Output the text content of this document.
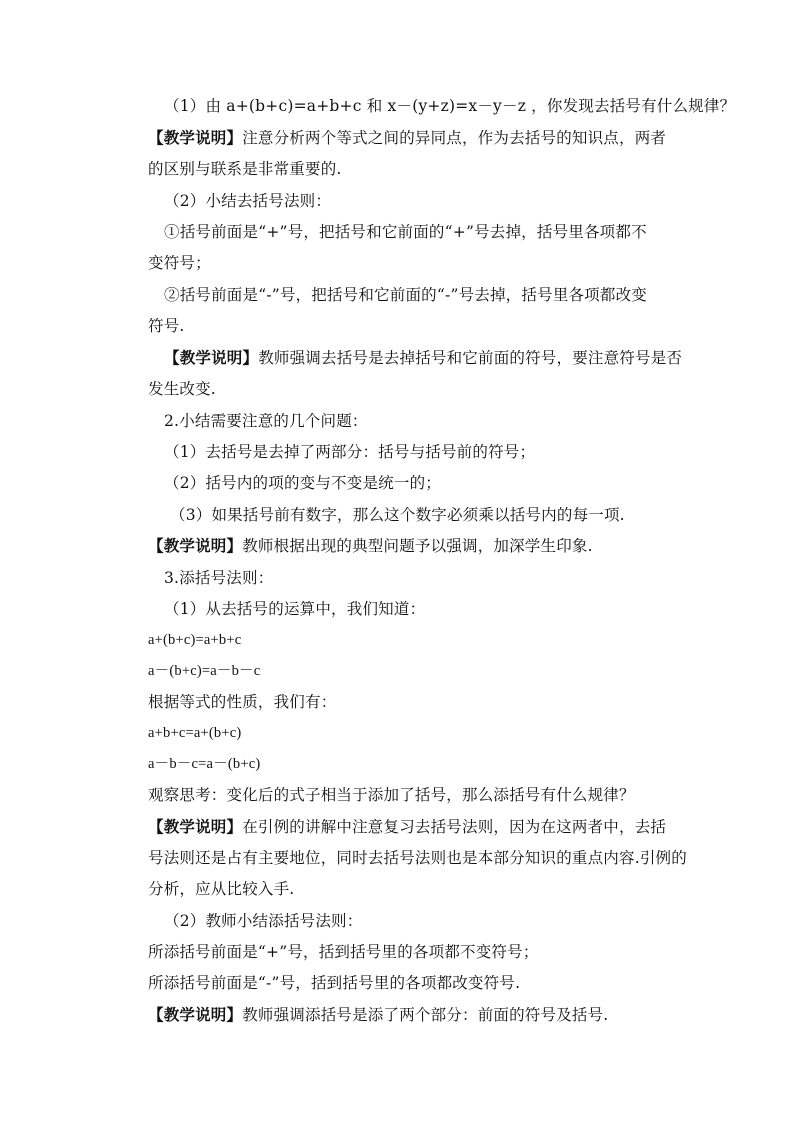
（1）由 a+(b+c)=a+b+c 和 x－(y+z)=x－y－z ，你发现去括号有什么规律？
【教学说明】注意分析两个等式之间的异同点，作为去括号的知识点，两者
的区别与联系是非常重要的.
（2）小结去括号法则：
①括号前面是“+”号，把括号和它前面的“+”号去掉，括号里各项都不
变符号；
②括号前面是“-”号，把括号和它前面的“-”号去掉，括号里各项都改变
符号.
【教学说明】教师强调去括号是去掉括号和它前面的符号，要注意符号是否
发生改变.
2.小结需要注意的几个问题：
（1）去括号是去掉了两部分：括号与括号前的符号；
（2）括号内的项的变与不变是统一的；
（3）如果括号前有数字，那么这个数字必须乘以括号内的每一项.
【教学说明】教师根据出现的典型问题予以强调，加深学生印象.
3.添括号法则：
（1）从去括号的运算中，我们知道：
a+(b+c)=a+b+c
a－(b+c)=a－b－c
根据等式的性质，我们有：
a+b+c=a+(b+c)
a－b－c=a－(b+c)
观察思考：变化后的式子相当于添加了括号，那么添括号有什么规律？
【教学说明】在引例的讲解中注意复习去括号法则，因为在这两者中，去括
号法则还是占有主要地位，同时去括号法则也是本部分知识的重点内容.引例的
分析，应从比较入手.
（2）教师小结添括号法则：
所添括号前面是“+”号，括到括号里的各项都不变符号；
所添括号前面是“-”号，括到括号里的各项都改变符号.
【教学说明】教师强调添括号是添了两个部分：前面的符号及括号.
